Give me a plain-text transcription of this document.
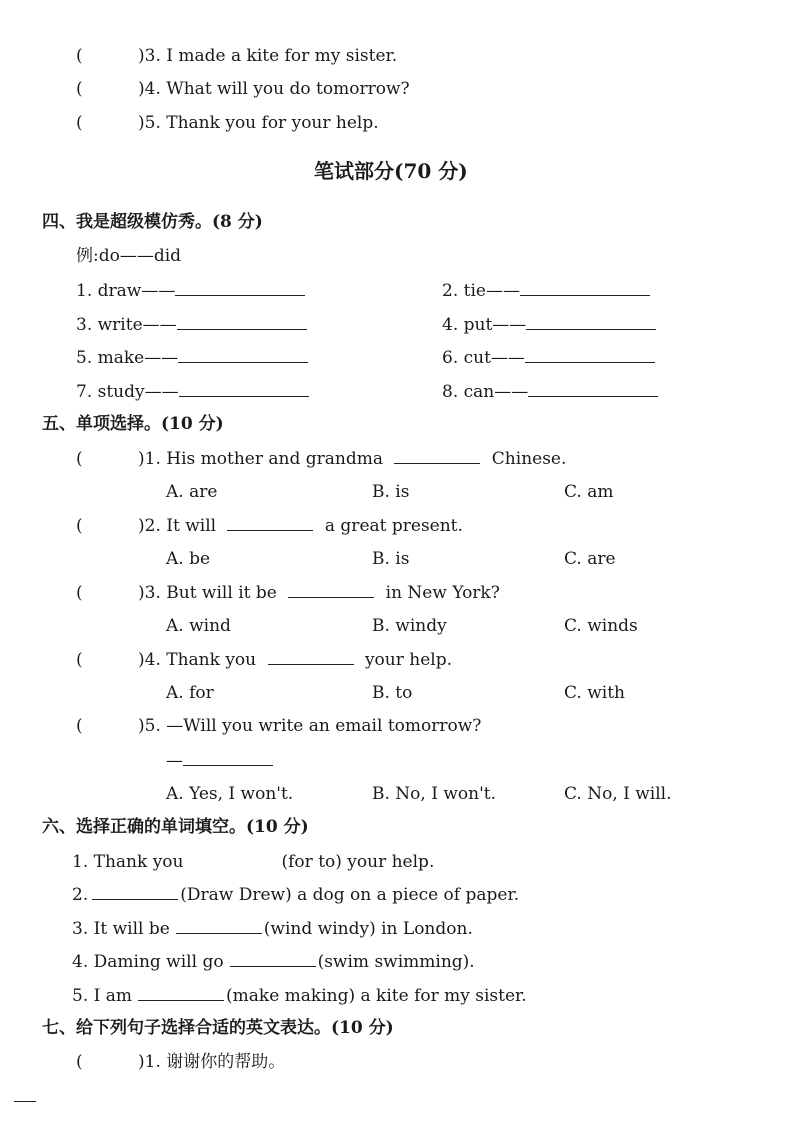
(	)3. I made a kite for my sister.
(	)4. What will you do tomorrow?
(	)5. Thank you for your help.
笔试部分(70 分)
四、我是超级模仿秀。(8 分)
例:do——did
1. draw——	2. tie——
3. write——	4. put——
5. make——	6. cut——
7. study——	8. can——
五、单项选择。(10 分)
(	)1. His mother and grandma	Chinese.
A. are	B. is	C. am
(	)2. It will	a great present.
A. be	B. is	C. are
(	)3. But will it be	in New York?
A. wind	B. windy	C. winds
(	)4. Thank you	your help.
A. for	B. to	C. with
(	)5. —Will you write an email tomorrow?
—
A. Yes, I won't.	B. No, I won't.	C. No, I will.
六、选择正确的单词填空。(10 分)
1. Thank you	(for to) your help.
2.	(Draw Drew) a dog on a piece of paper.
3. It will be	(wind windy) in London.
4. Daming will go	(swim swimming).
5. I am	(make making) a kite for my sister.
七、给下列句子选择合适的英文表达。(10 分)
(	)1. 谢谢你的帮助。
